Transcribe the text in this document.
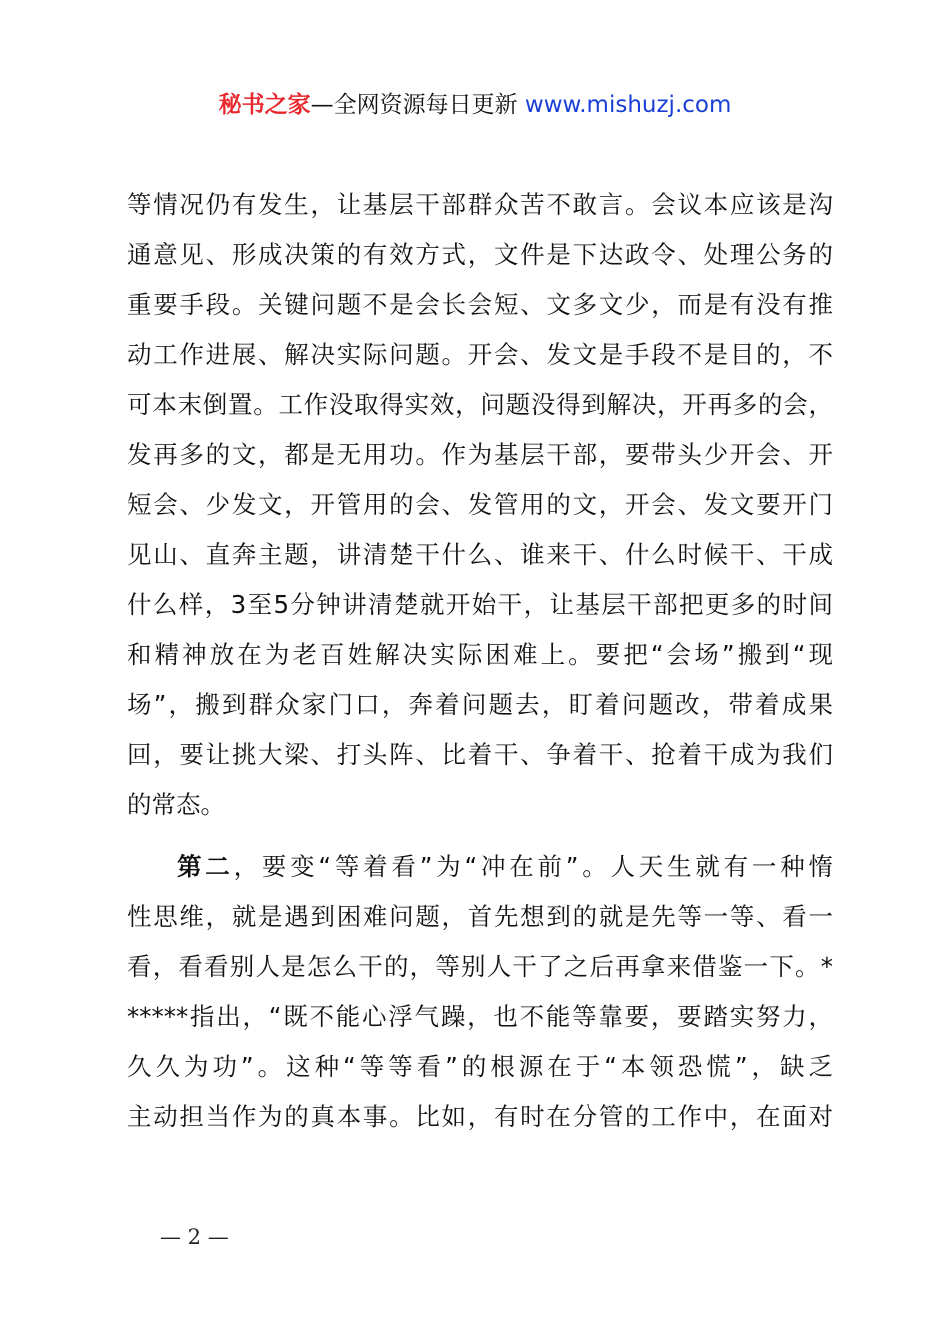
秘书之家—全网资源每日更新 www.mishuzj.com
等情况仍有发生，让基层干部群众苦不敢言。会议本应该是沟
通意见、形成决策的有效方式，文件是下达政令、处理公务的
重要手段。关键问题不是会长会短、文多文少，而是有没有推
动工作进展、解决实际问题。开会、发文是手段不是目的，不
可本末倒置。工作没取得实效，问题没得到解决，开再多的会，
发再多的文，都是无用功。作为基层干部，要带头少开会、开
短会、少发文，开管用的会、发管用的文，开会、发文要开门
见山、直奔主题，讲清楚干什么、谁来干、什么时候干、干成
什么样，3至5分钟讲清楚就开始干，让基层干部把更多的时间
和精神放在为老百姓解决实际困难上。要把“会场”搬到“现
场”，搬到群众家门口，奔着问题去，盯着问题改，带着成果
回，要让挑大梁、打头阵、比着干、争着干、抢着干成为我们
的常态。
第二，要变“等着看”为“冲在前”。人天生就有一种惰
性思维，就是遇到困难问题，首先想到的就是先等一等、看一
看，看看别人是怎么干的，等别人干了之后再拿来借鉴一下。*
*****指出，“既不能心浮气躁，也不能等靠要，要踏实努力，
久久为功”。这种“等等看”的根源在于“本领恐慌”，缺乏
主动担当作为的真本事。比如，有时在分管的工作中，在面对
— 2 —
